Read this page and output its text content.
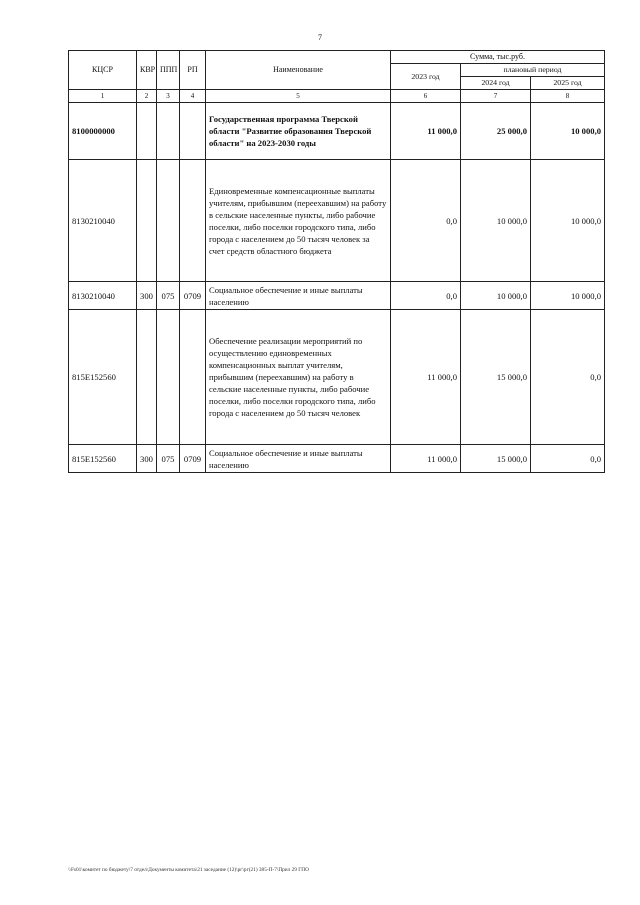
7
КЦСР	КВР	ППП	РП	Наименование	Сумма, тыс.руб.		
					2023 год	плановый период	
						2024 год	2025 год
1	2	3	4	5	6	7	8
8100000000				Государственная программа Тверской области "Развитие образования Тверской области" на 2023-2030 годы	11 000,0	25 000,0	10 000,0
8130210040				Единовременные компенсационные выплаты учителям, прибывшим (переехавшим) на работу в сельские населенные пункты, либо рабочие поселки, либо поселки городского типа, либо города с населением до 50 тысяч человек за счет средств областного бюджета	0,0	10 000,0	10 000,0
8130210040	300	075	0709	Социальное обеспечение и иные выплаты населению	0,0	10 000,0	10 000,0
815E152560				Обеспечение реализации мероприятий по осуществлению единовременных компенсационных выплат учителям, прибывшим (переехавшим) на работу в сельские населенные пункты, либо рабочие поселки, либо поселки городского типа, либо города с населением до 50 тысяч человек	11 000,0	15 000,0	0,0
815E152560	300	075	0709	Социальное обеспечение и иные выплаты населению	11 000,0	15 000,0	0,0
\\Fs01\комитет по бюджету\7 отдел\Документы комитета\21 заседание (12)\рг\рг(21) 385-П-7\Прил 29 ГПО
